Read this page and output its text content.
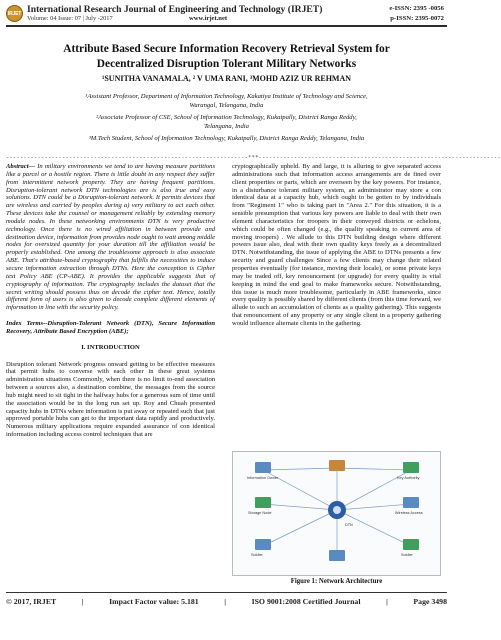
IRJET International Research Journal of Engineering and Technology (IRJET)
Volume: 04 Issue: 07 | July -2017	www.irjet.net
e-ISSN: 2395 -0056
p-ISSN: 2395-0072
Attribute Based Secure Information Recovery Retrieval System for
Decentralized Disruption Tolerant Military Networks
¹SUNITHA VANAMALA, ² V UMA RANI, ³MOHD AZIZ UR REHMAN
¹Assistant Professor, Department of Information Technology, Kakatiya Institute of Technology and Science,
Warangal, Telangana, India
²Associate Professor of CSE, School of Information Technology, Kukatpally, District Ranga Reddy,
Telangana, India
³M.Tech Student, School of Information Technology, Kukatpally, District Ranga Reddy, Telangana, India
---------------------------------------------------------------------***---------------------------------------------------------------------

Abstract— In military environments we tend to are having measure partitions like a parcel or a hostile region. There is little doubt in any respect they suffer from intermittent network property. They are having frequent partitions. Disruption-tolerant network DTN technologies are is also true and easy solutions. DTN could be a Disruption-tolerant network. It permits devices that are wireless and carried by peoples during a) very military to act each other. These devices take the counsel or management reliably by extending memory module nodes. In these networking environments DTN is very productive technology. Once there is no wired affiliation in between provide and destination device, information from provides node ought to wait among middle nodes for oversized quantity for your duration till the affiliation would be properly established. One among the troublesome approach is also associate ABE. That's attribute-based cryptography that fulfills the necessities to induce secure information extraction through DTNs. Here the conception is Cipher text Policy ABE (CP-ABE). It provides the applicable suggests that of cryptography of information. The cryptography includes the dataset that the secret writing should possess thus on decode the cipher text. Hence, totally different form of users is also given to decode complete different elements of information in line with the security policy.

Index Terms--Disruption-Tolerant Network (DTN), Secure Information Recovery, Attribute Based Encryption (ABE);

I. INTRODUCTION

Disruption tolerant Network progress onward getting to be effective measures that permit hubs to converse with each other in these great systems administration situations Commonly, when there is no limit to-end association between a sources also, a destination combine, the messages from the source hub might need to sit tight in the halfway hubs for a generous sum of time until the association would be in the long run set up. Roy and Chuah presented capacity hubs in DTNs where information is put away or repeated such that just approved portable hubs can get to the important data rapidly and productively. Numerous military applications require expanded assurance of con identical information including access control techniques that are

cryptographically upheld. By and large, it is alluring to give separated access administrations such that information access arrangements are de fined over client properties or parts, which are overseen by the key powers. For instance, in a disturbance tolerant military system, an administrator may store a con identical data at a capacity hub, which ought to be gotten to by individuals from "Regiment 1" who is taking part in "Area 2." For this situation, it is a sensible presumption that various key powers are liable to deal with their own element characteristics for troopers in their conveyed districts or echelons, which could be often changed (e.g., the quality speaking to current area of moving troopers) . We allude to this DTN building design where different powers issue also, deal with their own quality keys freely as a decentralized DTN. Notwithstanding, the issue of applying the ABE to DTNs presents a few security and guard challenges Since a few clients may change their related properties eventually (for instance, moving their locale), or some private keys may be traded off, key renouncement (or upgrade) for every quality is vital keeping in mind the end goal to make frameworks secure. Notwithstanding, this issue is much more troublesome, particularly in ABE frameworks, since every quality is possibly shared by different clients (from this time forward, we allude to such an accumulation of clients as a quality gathering). This suggests that renouncement of any property or any single client in a property gathering would influence alternate clients in the gathering.

Information Owner
Storage Node
Soldier
Key Authority
Wireless Access
Soldier
DTN
Figure 1: Network Architecture
© 2017, IRJET	|	Impact Factor value: 5.181	|	ISO 9001:2008 Certified Journal	|	Page 3498
